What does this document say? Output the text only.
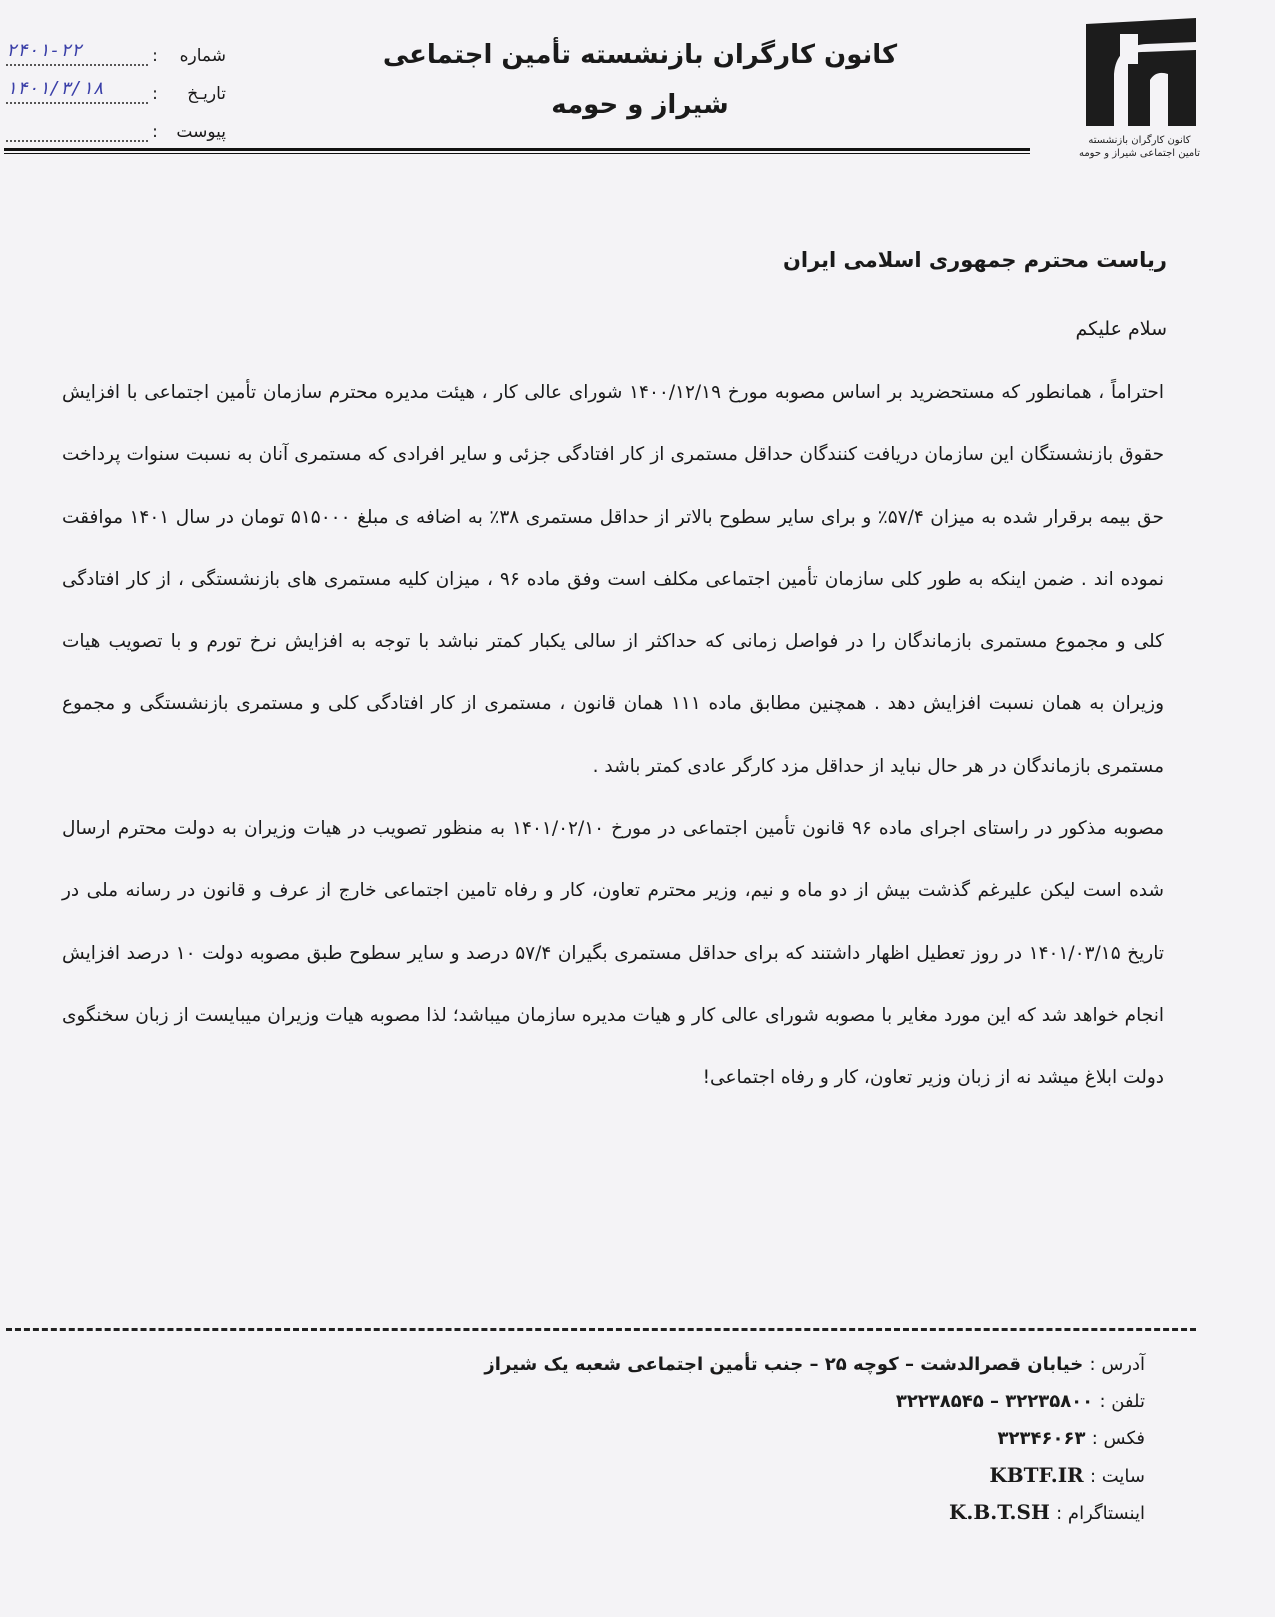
کانون کارگران بازنشسته
تامین اجتماعی شیراز و حومه
کانون کارگران بازنشسته تأمین اجتماعی
شیراز و حومه
شماره
:
۲۴۰۱-۲۲
تاریـخ
:
۱۴۰۱/۳/۱۸
پیوست
:
ریاست محترم جمهوری اسلامی ایران
سلام علیکم

احتراماً ، همانطور که مستحضرید بر اساس مصوبه مورخ ۱۴۰۰/۱۲/۱۹ شورای عالی کار ، هیئت مدیره محترم سازمان تأمین اجتماعی با افزایش حقوق بازنشستگان این سازمان دریافت کنندگان حداقل مستمری از کار افتادگی جزئی و سایر افرادی که مستمری آنان به نسبت سنوات پرداخت حق بیمه برقرار شده به میزان ۵۷/۴٪ و برای سایر سطوح بالاتر از حداقل مستمری ۳۸٪ به اضافه ی مبلغ ۵۱۵۰۰۰ تومان در سال ۱۴۰۱ موافقت نموده اند . ضمن اینکه به طور کلی سازمان تأمین اجتماعی مکلف است وفق ماده ۹۶ ، میزان کلیه مستمری های بازنشستگی ، از کار افتادگی کلی و مجموع مستمری بازماندگان را در فواصل زمانی که حداکثر از سالی یکبار کمتر نباشد با توجه به افزایش نرخ تورم و با تصویب هیات وزیران به همان نسبت افزایش دهد . همچنین مطابق ماده ۱۱۱ همان قانون ، مستمری از کار افتادگی کلی و مستمری بازنشستگی و مجموع مستمری بازماندگان در هر حال نباید از حداقل مزد کارگر عادی کمتر باشد .

مصوبه مذکور در راستای اجرای ماده ۹۶ قانون تأمین اجتماعی در مورخ ۱۴۰۱/۰۲/۱۰ به منظور تصویب در هیات وزیران به دولت محترم ارسال شده است لیکن علیرغم گذشت بیش از دو ماه و نیم، وزیر محترم تعاون، کار و رفاه تامین اجتماعی خارج از عرف و قانون در رسانه ملی در تاریخ ۱۴۰۱/۰۳/۱۵ در روز تعطیل اظهار داشتند که برای حداقل مستمری بگیران ۵۷/۴ درصد و سایر سطوح طبق مصوبه دولت ۱۰ درصد افزایش انجام خواهد شد که این مورد مغایر با مصوبه شورای عالی کار و هیات مدیره سازمان میباشد؛ لذا مصوبه هیات وزیران میبایست از زبان سخنگوی دولت ابلاغ میشد نه از زبان وزیر تعاون، کار و رفاه اجتماعی!

آدرس : خیابان قصرالدشت – کوچه ۲۵ – جنب تأمین اجتماعی شعبه یک شیراز
تلفن : ۳۲۲۳۵۸۰۰ – ۳۲۲۳۸۵۴۵
فکس : ۳۲۳۴۶۰۶۳
سایت : KBTF.IR
اینستاگرام : K.B.T.SH
